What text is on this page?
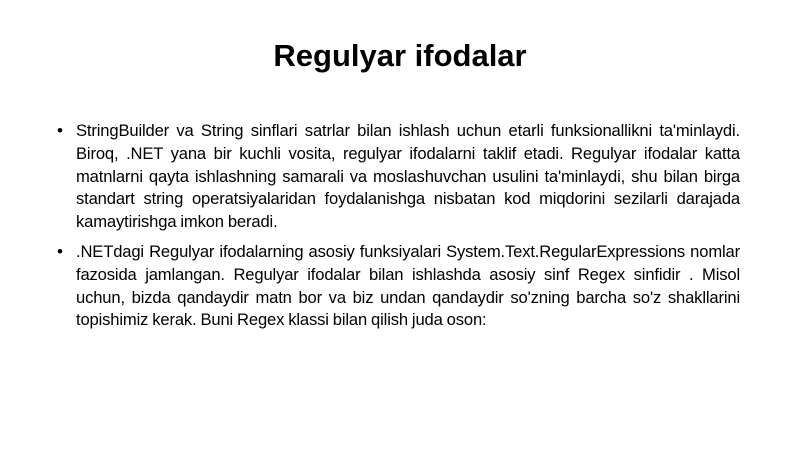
Regulyar ifodalar
• StringBuilder va String sinflari satrlar bilan ishlash uchun etarli funksionallikni ta'minlaydi. Biroq, .NET yana bir kuchli vosita, regulyar ifodalarni taklif etadi. Regulyar ifodalar katta matnlarni qayta ishlashning samarali va moslashuvchan usulini ta'minlaydi, shu bilan birga standart string operatsiyalaridan foydalanishga nisbatan kod miqdorini sezilarli darajada kamaytirishga imkon beradi.
• .NETdagi Regulyar ifodalarning asosiy funksiyalari System.Text.RegularExpressions nomlar fazosida jamlangan. Regulyar ifodalar bilan ishlashda asosiy sinf Regex sinfidir . Misol uchun, bizda qandaydir matn bor va biz undan qandaydir so'zning barcha so'z shakllarini topishimiz kerak. Buni Regex klassi bilan qilish juda oson:
